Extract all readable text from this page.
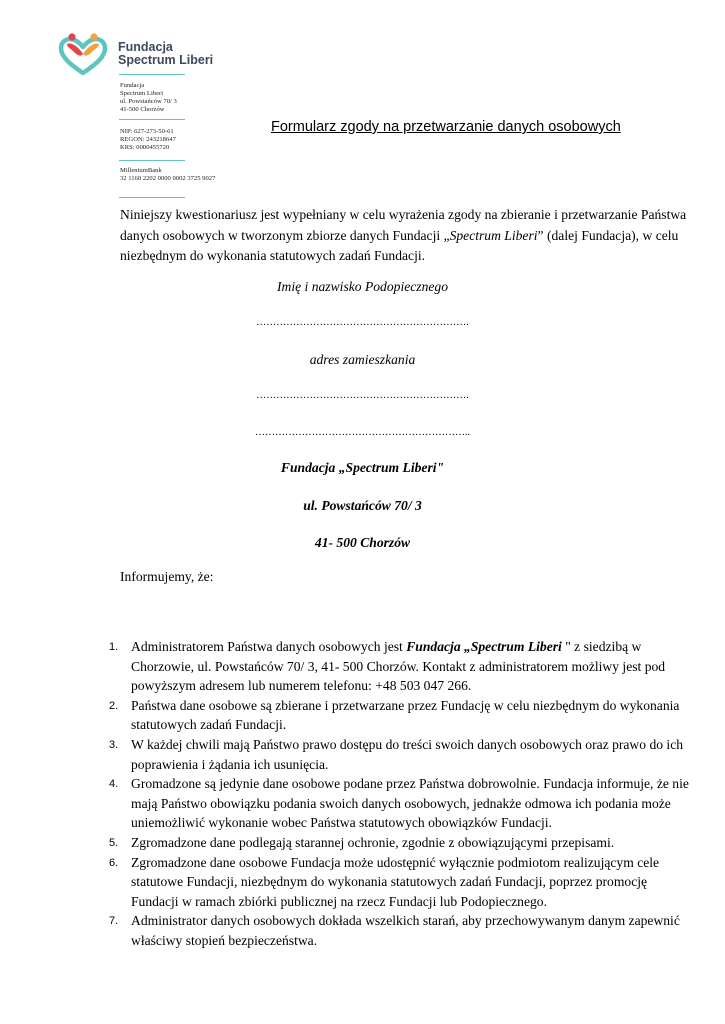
Fundacja
Spectrum Liberi
Fundacja
Spectrum Liberi
ul. Powstańców 70/ 3
41-500 Chorzów
NIP: 627-273-50-61
REGON: 243218647
KRS: 0000455720
MilleniumBank
32 1160 2202 0000 0002 3725 9027
Formularz zgody na przetwarzanie danych osobowych
Niniejszy kwestionariusz jest wypełniany w celu wyrażenia zgody na zbieranie i przetwarzanie Państwa danych osobowych w tworzonym zbiorze danych Fundacji „Spectrum Liberi” (dalej Fundacja), w celu niezbędnym do wykonania statutowych zadań Fundacji.
Imię i nazwisko Podopiecznego
……………………………………………………….
adres zamieszkania
……………………………………………………….
………………………………………………………..
Fundacja „Spectrum Liberi"
ul. Powstańców 70/ 3
41- 500 Chorzów
Informujemy, że:
1. Administratorem Państwa danych osobowych jest Fundacja „Spectrum Liberi " z siedzibą w Chorzowie, ul. Powstańców 70/ 3, 41- 500 Chorzów. Kontakt z administratorem możliwy jest pod powyższym adresem lub numerem telefonu: +48 503 047 266.
2. Państwa dane osobowe są zbierane i przetwarzane przez Fundację w celu niezbędnym do wykonania statutowych zadań Fundacji.
3. W każdej chwili mają Państwo prawo dostępu do treści swoich danych osobowych oraz prawo do ich poprawienia i żądania ich usunięcia.
4. Gromadzone są jedynie dane osobowe podane przez Państwa dobrowolnie. Fundacja informuje, że nie mają Państwo obowiązku podania swoich danych osobowych, jednakże odmowa ich podania może uniemożliwić wykonanie wobec Państwa statutowych obowiązków Fundacji.
5. Zgromadzone dane podlegają starannej ochronie, zgodnie z obowiązującymi przepisami.
6. Zgromadzone dane osobowe Fundacja może udostępnić wyłącznie podmiotom realizującym cele statutowe Fundacji, niezbędnym do wykonania statutowych zadań Fundacji, poprzez promocję Fundacji w ramach zbiórki publicznej na rzecz Fundacji lub Podopiecznego.
7. Administrator danych osobowych dokłada wszelkich starań, aby przechowywanym danym zapewnić właściwy stopień bezpieczeństwa.
